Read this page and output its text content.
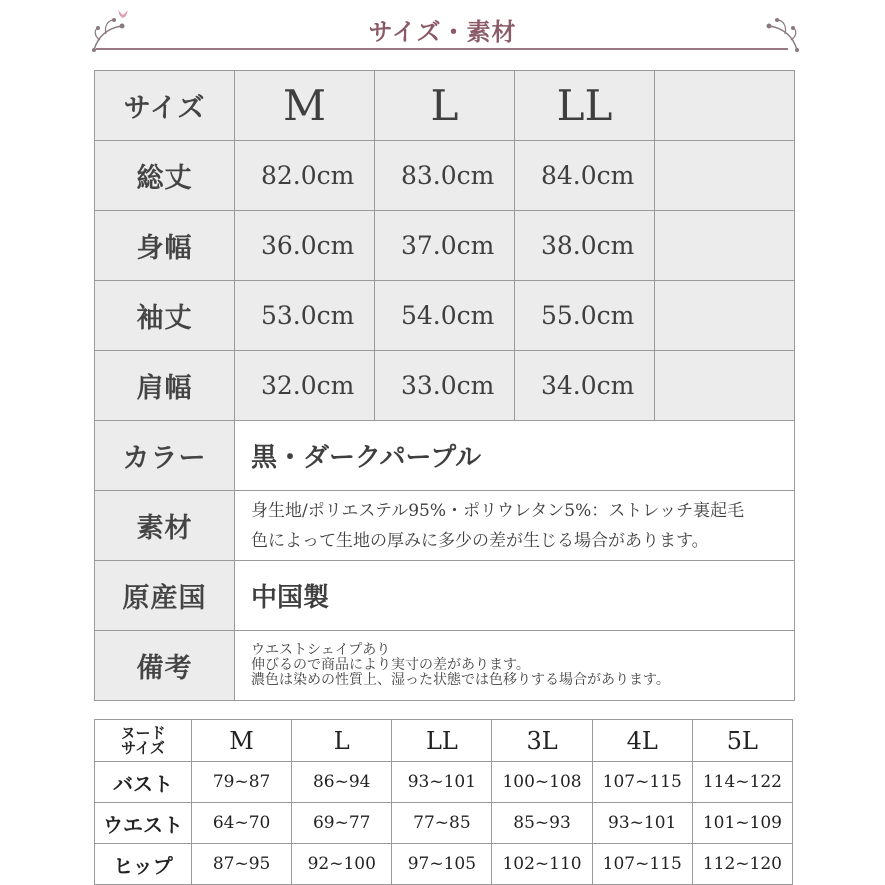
サイズ・素材
サイズ	M	L	LL	
総丈	82.0cm	83.0cm	84.0cm	
身幅	36.0cm	37.0cm	38.0cm	
袖丈	53.0cm	54.0cm	55.0cm	
肩幅	32.0cm	33.0cm	34.0cm	
カラー	黒・ダークパープル			
素材	身生地/ポリエステル95%・ポリウレタン5%：ストレッチ裏起毛
色によって生地の厚みに多少の差が生じる場合があります。			

原産国	中国製			
備考	ウエストシェイプあり
伸びるので商品により実寸の差があります。
濃色は染めの性質上、湿った状態では色移りする場合があります。			
ヌード
サイズ	M	L	LL	3L	4L	5L
バスト	79~87	86~94	93~101	100~108	107~115	114~122
ウエスト	64~70	69~77	77~85	85~93	93~101	101~109
ヒップ	87~95	92~100	97~105	102~110	107~115	112~120
